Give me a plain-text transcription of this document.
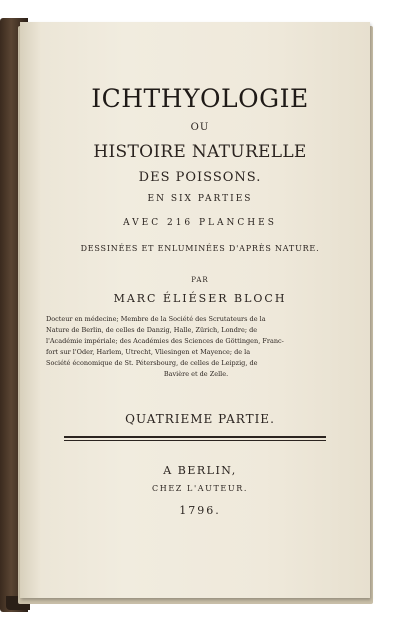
ICHTHYOLOGIE
OU
HISTOIRE NATURELLE
DES POISSONS.
EN SIX PARTIES
AVEC 216 PLANCHES
DESSINÉES ET ENLUMINÉES D'APRÈS NATURE.
PAR
MARC ÉLIÉSER BLOCH
Docteur en médecine; Membre de la Société des Scrutateurs de la
Nature de Berlin, de celles de Danzig, Halle, Zürich, Londre; de
l'Académie impériale; des Académies des Sciences de Göttingen, Franc-
fort sur l'Oder, Harlem, Utrecht, Vliesingen et Mayence; de la
Société économique de St. Pétersbourg, de celles de Leipzig, de
Bavière et de Zelle.
QUATRIEME PARTIE.
A BERLIN,
CHEZ L'AUTEUR.
1796.
